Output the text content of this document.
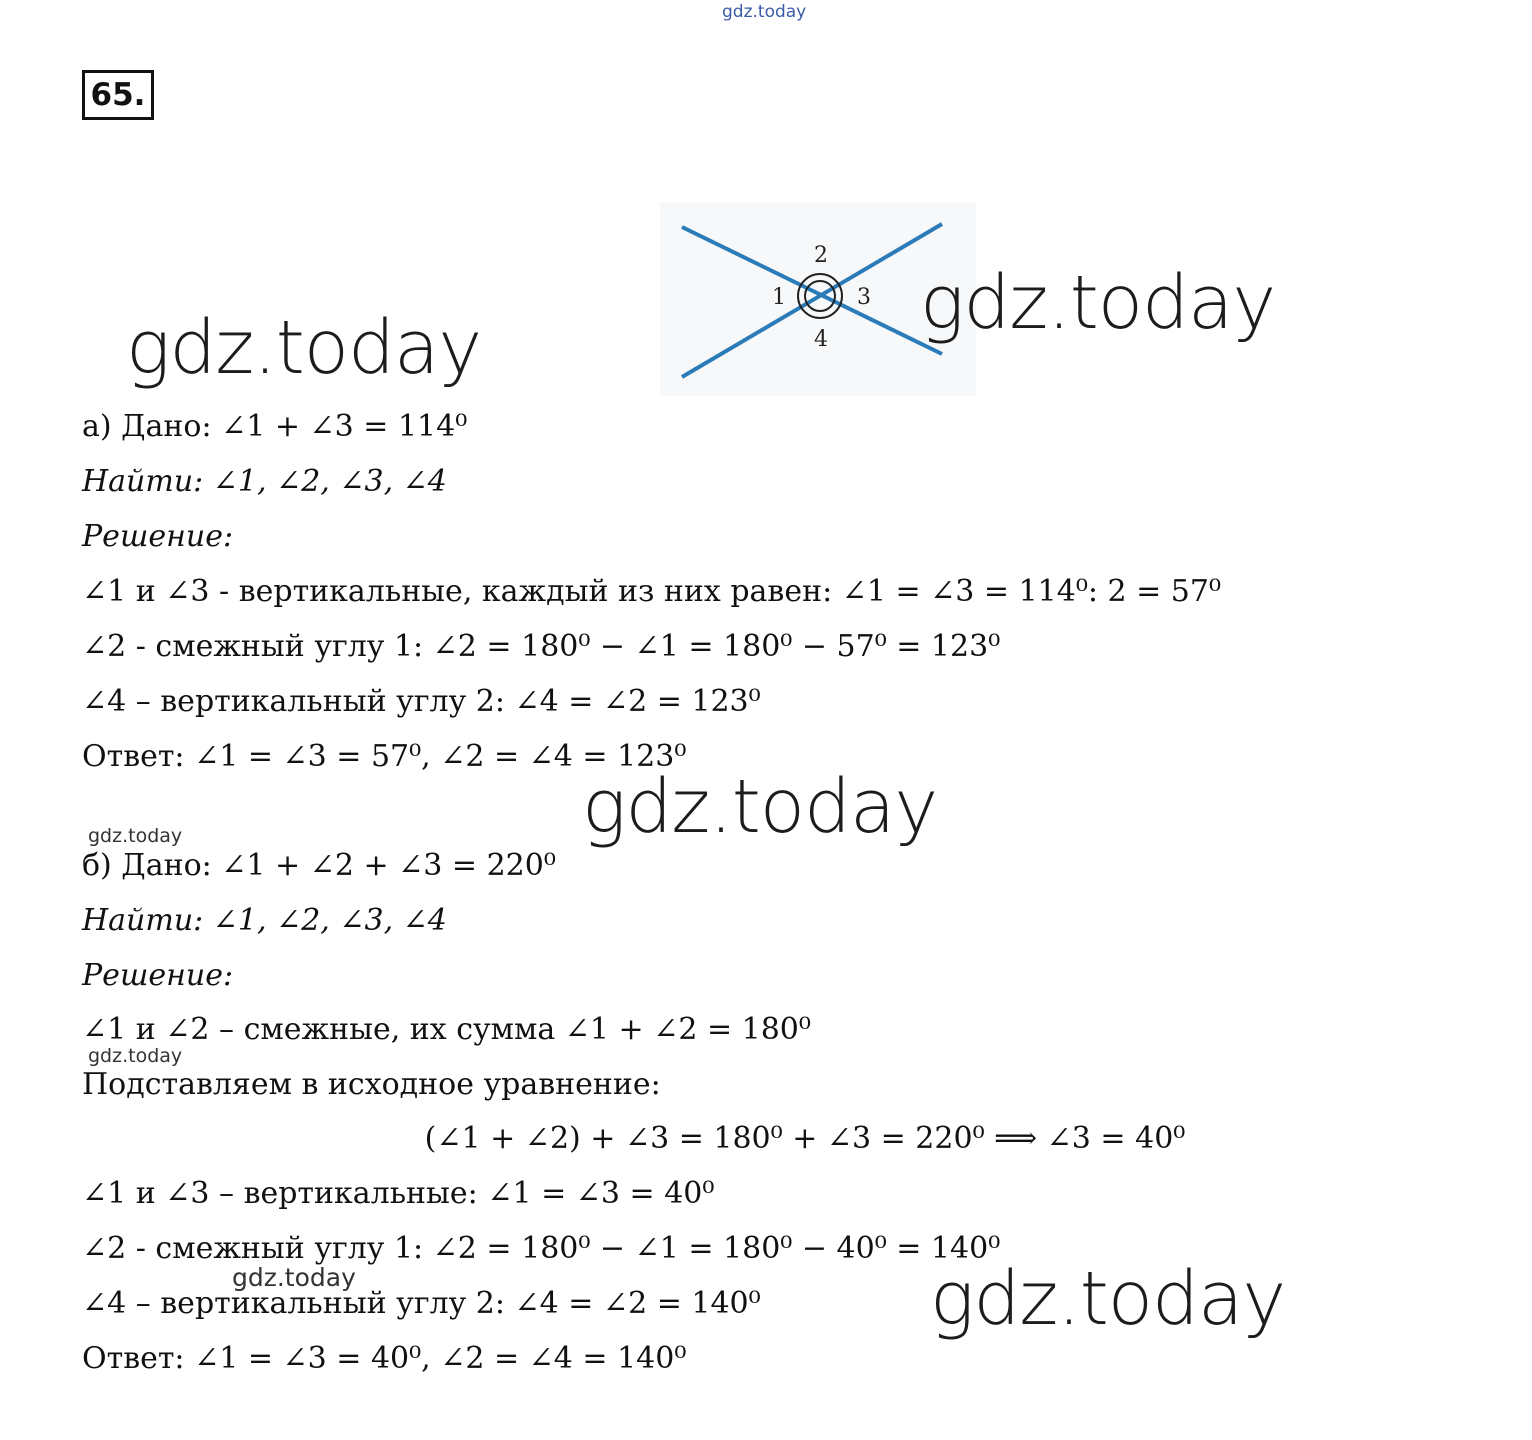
gdz.today
65.
1
2
3
4
gdz.today
gdz.today
gdz.today
gdz.today
gdz.today
gdz.today
gdz.today
а) Дано: ∠1 + ∠3 = 114⁰
Найти: ∠1, ∠2, ∠3, ∠4
Решение:
∠1 и ∠3 - вертикальные, каждый из них равен: ∠1 = ∠3 = 114⁰: 2 = 57⁰
∠2 - смежный углу 1: ∠2 = 180⁰ − ∠1 = 180⁰ − 57⁰ = 123⁰
∠4 – вертикальный углу 2: ∠4 = ∠2 = 123⁰
Ответ: ∠1 = ∠3 = 57⁰, ∠2 = ∠4 = 123⁰
б) Дано: ∠1 + ∠2 + ∠3 = 220⁰
Найти: ∠1, ∠2, ∠3, ∠4
Решение:
∠1 и ∠2 – смежные, их сумма ∠1 + ∠2 = 180⁰
Подставляем в исходное уравнение:
(∠1 + ∠2) + ∠3 = 180⁰ + ∠3 = 220⁰ ⟹ ∠3 = 40⁰
∠1 и ∠3 – вертикальные: ∠1 = ∠3 = 40⁰
∠2 - смежный углу 1: ∠2 = 180⁰ − ∠1 = 180⁰ − 40⁰ = 140⁰
∠4 – вертикальный углу 2: ∠4 = ∠2 = 140⁰
Ответ: ∠1 = ∠3 = 40⁰, ∠2 = ∠4 = 140⁰
